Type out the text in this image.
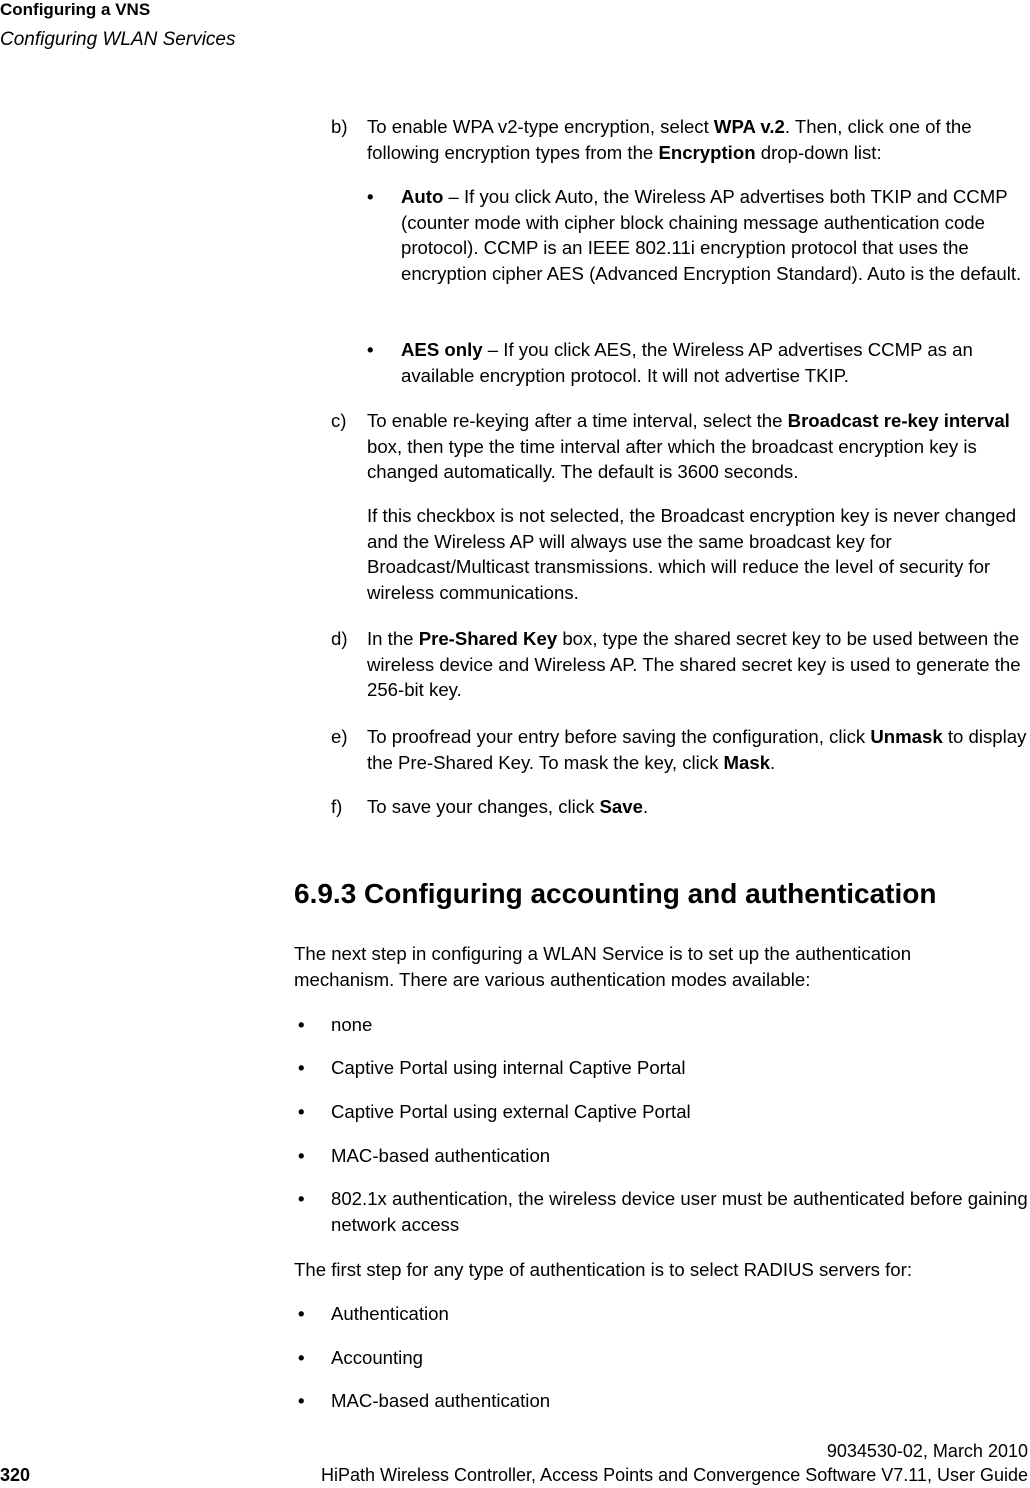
Configuring a VNS
Configuring WLAN Services
b) To enable WPA v2-type encryption, select WPA v.2. Then, click one of the following encryption types from the Encryption drop-down list:

• Auto – If you click Auto, the Wireless AP advertises both TKIP and CCMP (counter mode with cipher block chaining message authentication code protocol). CCMP is an IEEE 802.11i encryption protocol that uses the encryption cipher AES (Advanced Encryption Standard). Auto is the default.

• AES only – If you click AES, the Wireless AP advertises CCMP as an available encryption protocol. It will not advertise TKIP.

c) To enable re-keying after a time interval, select the Broadcast re-key interval box, then type the time interval after which the broadcast encryption key is changed automatically. The default is 3600 seconds.

If this checkbox is not selected, the Broadcast encryption key is never changed and the Wireless AP will always use the same broadcast key for Broadcast/Multicast transmissions. which will reduce the level of security for wireless communications.

d) In the Pre-Shared Key box, type the shared secret key to be used between the wireless device and Wireless AP. The shared secret key is used to generate the 256-bit key.

e) To proofread your entry before saving the configuration, click Unmask to display the Pre-Shared Key. To mask the key, click Mask.

f) To save your changes, click Save.

6.9.3 Configuring accounting and authentication

The next step in configuring a WLAN Service is to set up the authentication mechanism. There are various authentication modes available:

• none

• Captive Portal using internal Captive Portal

• Captive Portal using external Captive Portal

• MAC-based authentication

• 802.1x authentication, the wireless device user must be authenticated before gaining network access

The first step for any type of authentication is to select RADIUS servers for:

• Authentication

• Accounting

• MAC-based authentication

9034530-02, March 2010
320	HiPath Wireless Controller, Access Points and Convergence Software V7.11, User Guide
